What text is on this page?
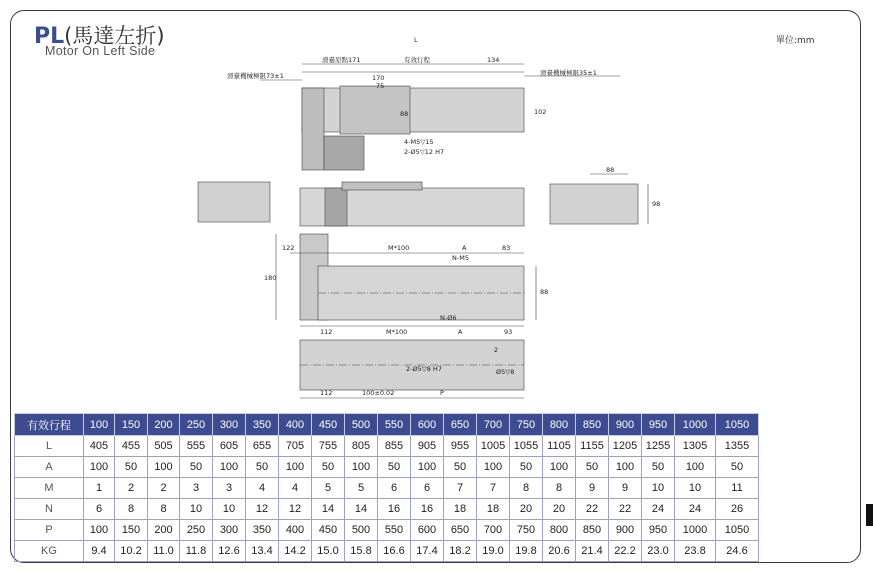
PL(馬達左折)
Motor On Left Side
單位:mm
滑臺機械極限73±1
滑臺原點171	有效行程
L
134
滑臺機械極限35±1
170
75
88	102
4-M5▽15
2-Ø5▽12 H7
88
98
122
180
M*100	A	83
N-M5
88
N-Ø6
112	M*100	A	93
2
2-Ø5▽8 H7	Ø5▽8
112	100±0.02	P
有效行程	100	150	200	250	300	350	400	450	500	550	600	650	700	750	800	850	900	950	1000	1050
L	405	455	505	555	605	655	705	755	805	855	905	955	1005	1055	1105	1155	1205	1255	1305	1355
A	100	50	100	50	100	50	100	50	100	50	100	50	100	50	100	50	100	50	100	50
M	1	2	2	3	3	4	4	5	5	6	6	7	7	8	8	9	9	10	10	11
N	6	8	8	10	10	12	12	14	14	16	16	18	18	20	20	22	22	24	24	26
P	100	150	200	250	300	350	400	450	500	550	600	650	700	750	800	850	900	950	1000	1050
KG	9.4	10.2	11.0	11.8	12.6	13.4	14.2	15.0	15.8	16.6	17.4	18.2	19.0	19.8	20.6	21.4	22.2	23.0	23.8	24.6
